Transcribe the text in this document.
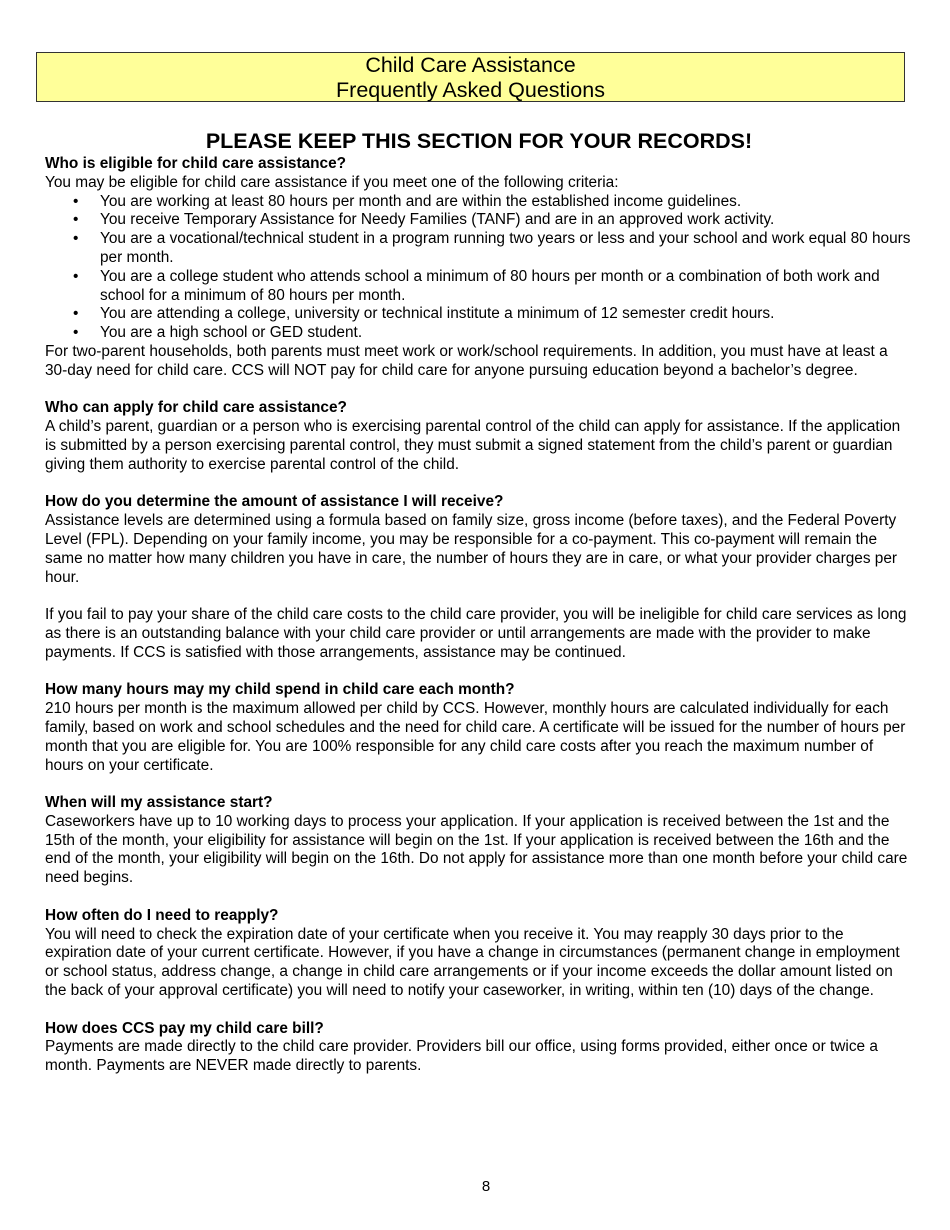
Child Care Assistance
Frequently Asked Questions
PLEASE KEEP THIS SECTION FOR YOUR RECORDS!
Who is eligible for child care assistance?
You may be eligible for child care assistance if you meet one of the following criteria:
• You are working at least 80 hours per month and are within the established income guidelines.
• You receive Temporary Assistance for Needy Families (TANF) and are in an approved work activity.
• You are a vocational/technical student in a program running two years or less and your school and work equal 80 hours per month.
• You are a college student who attends school a minimum of 80 hours per month or a combination of both work and school for a minimum of 80 hours per month.
• You are attending a college, university or technical institute a minimum of 12 semester credit hours.
• You are a high school or GED student.
For two-parent households, both parents must meet work or work/school requirements. In addition, you must have at least a 30-day need for child care. CCS will NOT pay for child care for anyone pursuing education beyond a bachelor’s degree.
Who can apply for child care assistance?
A child’s parent, guardian or a person who is exercising parental control of the child can apply for assistance. If the application is submitted by a person exercising parental control, they must submit a signed statement from the child’s parent or guardian giving them authority to exercise parental control of the child.
How do you determine the amount of assistance I will receive?
Assistance levels are determined using a formula based on family size, gross income (before taxes), and the Federal Poverty Level (FPL). Depending on your family income, you may be responsible for a co-payment. This co-payment will remain the same no matter how many children you have in care, the number of hours they are in care, or what your provider charges per hour.
If you fail to pay your share of the child care costs to the child care provider, you will be ineligible for child care services as long as there is an outstanding balance with your child care provider or until arrangements are made with the provider to make payments. If CCS is satisfied with those arrangements, assistance may be continued.
How many hours may my child spend in child care each month?
210 hours per month is the maximum allowed per child by CCS. However, monthly hours are calculated individually for each family, based on work and school schedules and the need for child care. A certificate will be issued for the number of hours per month that you are eligible for. You are 100% responsible for any child care costs after you reach the maximum number of hours on your certificate.
When will my assistance start?
Caseworkers have up to 10 working days to process your application. If your application is received between the 1st and the 15th of the month, your eligibility for assistance will begin on the 1st. If your application is received between the 16th and the end of the month, your eligibility will begin on the 16th. Do not apply for assistance more than one month before your child care need begins.
How often do I need to reapply?
You will need to check the expiration date of your certificate when you receive it. You may reapply 30 days prior to the expiration date of your current certificate. However, if you have a change in circumstances (permanent change in employment or school status, address change, a change in child care arrangements or if your income exceeds the dollar amount listed on the back of your approval certificate) you will need to notify your caseworker, in writing, within ten (10) days of the change.
How does CCS pay my child care bill?
Payments are made directly to the child care provider. Providers bill our office, using forms provided, either once or twice a month. Payments are NEVER made directly to parents.
8
